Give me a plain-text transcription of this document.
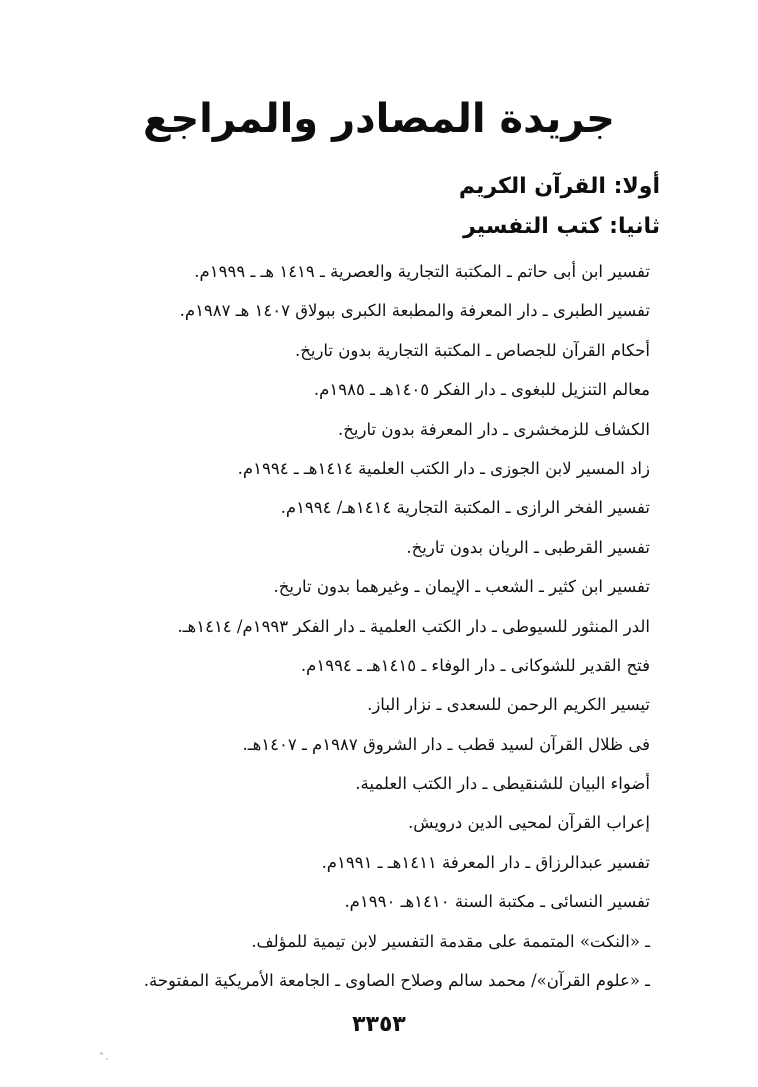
جريدة المصادر والمراجع
أولا: القرآن الكريم
ثانيا: كتب التفسير
تفسير ابن أبى حاتم ـ المكتبة التجارية والعصرية ـ ١٤١٩ هـ ـ ١٩٩٩م.
تفسير الطبرى ـ دار المعرفة والمطبعة الكبرى ببولاق ١٤٠٧ هـ ١٩٨٧م.
أحكام القرآن للجصاص ـ المكتبة التجارية بدون تاريخ.
معالم التنزيل للبغوى ـ دار الفكر ١٤٠٥هـ ـ ١٩٨٥م.
الكشاف للزمخشرى ـ دار المعرفة بدون تاريخ.
زاد المسير لابن الجوزى ـ دار الكتب العلمية ١٤١٤هـ ـ ١٩٩٤م.
تفسير الفخر الرازى ـ المكتبة التجارية ١٤١٤هـ/ ١٩٩٤م.
تفسير القرطبى ـ الريان بدون تاريخ.
تفسير ابن كثير ـ الشعب ـ الإيمان ـ وغيرهما بدون تاريخ.
الدر المنثور للسيوطى ـ دار الكتب العلمية ـ دار الفكر ١٩٩٣م/ ١٤١٤هـ.
فتح القدير للشوكانى ـ دار الوفاء ـ ١٤١٥هـ ـ ١٩٩٤م.
تيسير الكريم الرحمن للسعدى ـ نزار الباز.
فى ظلال القرآن لسيد قطب ـ دار الشروق ١٩٨٧م ـ ١٤٠٧هـ.
أضواء البيان للشنقيطى ـ دار الكتب العلمية.
إعراب القرآن لمحيى الدين درويش.
تفسير عبدالرزاق ـ دار المعرفة ١٤١١هـ ـ ١٩٩١م.
تفسير النسائى ـ مكتبة السنة ١٤١٠هـ ١٩٩٠م.
ـ «النكت» المتممة على مقدمة التفسير لابن تيمية للمؤلف.
ـ «علوم القرآن»/ محمد سالم وصلاح الصاوى ـ الجامعة الأمريكية المفتوحة.
٣٣٥٣
